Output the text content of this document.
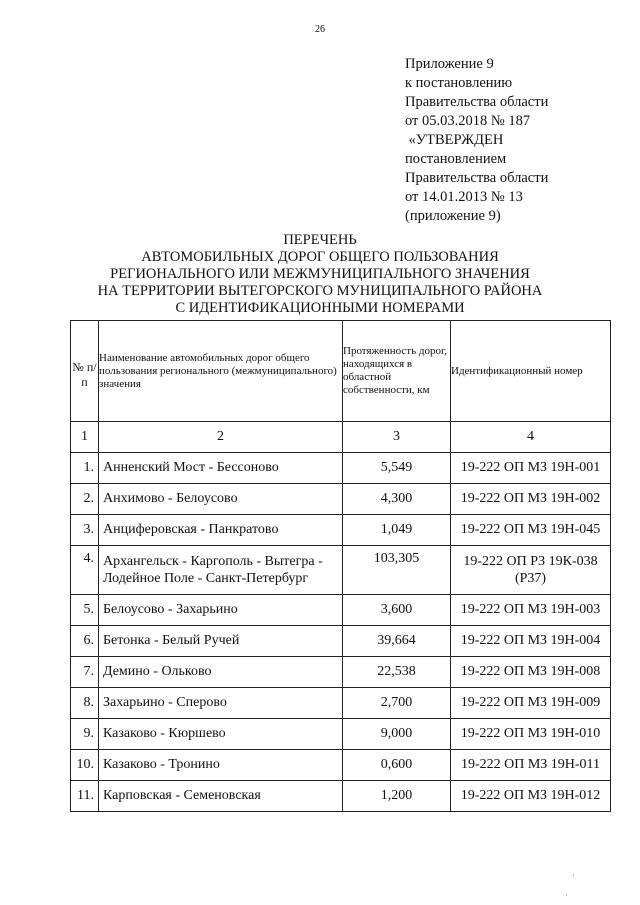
26
Приложение 9
к постановлению
Правительства области
от 05.03.2018 № 187
«УТВЕРЖДЕН
постановлением
Правительства области
от 14.01.2013 № 13
(приложение 9)
ПЕРЕЧЕНЬ
АВТОМОБИЛЬНЫХ ДОРОГ ОБЩЕГО ПОЛЬЗОВАНИЯ
РЕГИОНАЛЬНОГО ИЛИ МЕЖМУНИЦИПАЛЬНОГО ЗНАЧЕНИЯ
НА ТЕРРИТОРИИ ВЫТЕГОРСКОГО МУНИЦИПАЛЬНОГО РАЙОНА
С ИДЕНТИФИКАЦИОННЫМИ НОМЕРАМИ
№ п/п	Наименование автомобильных дорог общего пользования регионального (межмуниципального) значения	Протяженность дорог, находящихся в областной собственности, км	Идентификационный номер
1	2	3	4
1.	Анненский Мост - Бессоново	5,549	19-222 ОП МЗ 19Н-001
2.	Анхимово - Белоусово	4,300	19-222 ОП МЗ 19Н-002
3.	Анциферовская - Панкратово	1,049	19-222 ОП МЗ 19Н-045
4.	Архангельск - Каргополь - Вытегра - Лодейное Поле - Санкт-Петербург	103,305	19-222 ОП РЗ 19К-038 (Р37)
5.	Белоусово - Захарьино	3,600	19-222 ОП МЗ 19Н-003
6.	Бетонка - Белый Ручей	39,664	19-222 ОП МЗ 19Н-004
7.	Демино - Ольково	22,538	19-222 ОП МЗ 19Н-008
8.	Захарьино - Сперово	2,700	19-222 ОП МЗ 19Н-009
9.	Казаково - Кюршево	9,000	19-222 ОП МЗ 19Н-010
10.	Казаково - Тронино	0,600	19-222 ОП МЗ 19Н-011
11.	Карповская - Семеновская	1,200	19-222 ОП МЗ 19Н-012
˙
˙
